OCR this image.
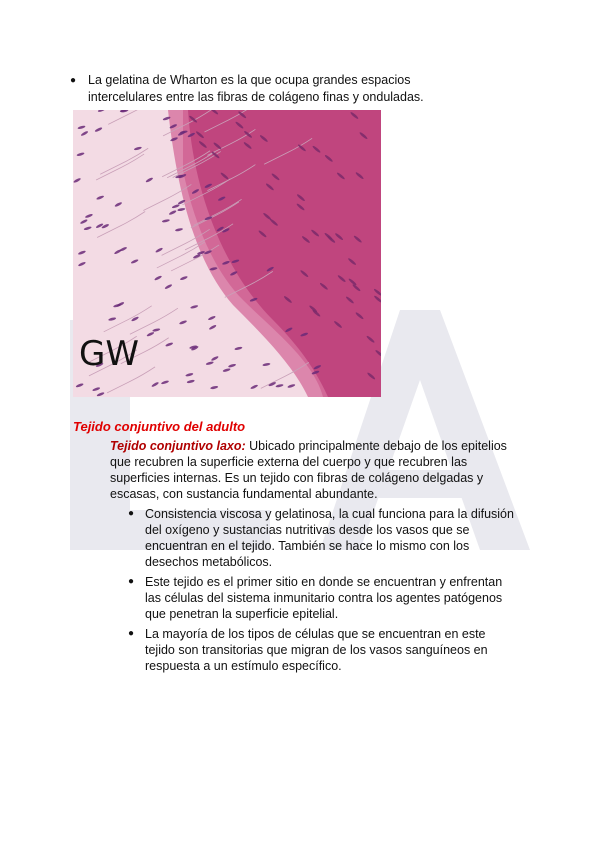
● La gelatina de Wharton es la que ocupa grandes espacios intercelulares entre las fibras de colágeno finas y onduladas.
GW
Tejido conjuntivo del adulto
Tejido conjuntivo laxo: Ubicado principalmente debajo de los epitelios que recubren la superficie externa del cuerpo y que recubren las superficies internas. Es un tejido con fibras de colágeno delgadas y escasas, con sustancia fundamental abundante.
● Consistencia viscosa y gelatinosa, la cual funciona para la difusión del oxígeno y sustancias nutritivas desde los vasos que se encuentran en el tejido. También se hace lo mismo con los desechos metabólicos.
● Este tejido es el primer sitio en donde se encuentran y enfrentan las células del sistema inmunitario contra los agentes patógenos que penetran la superficie epitelial.
● La mayoría de los tipos de células que se encuentran en este tejido son transitorias que migran de los vasos sanguíneos en respuesta a un estímulo específico.
